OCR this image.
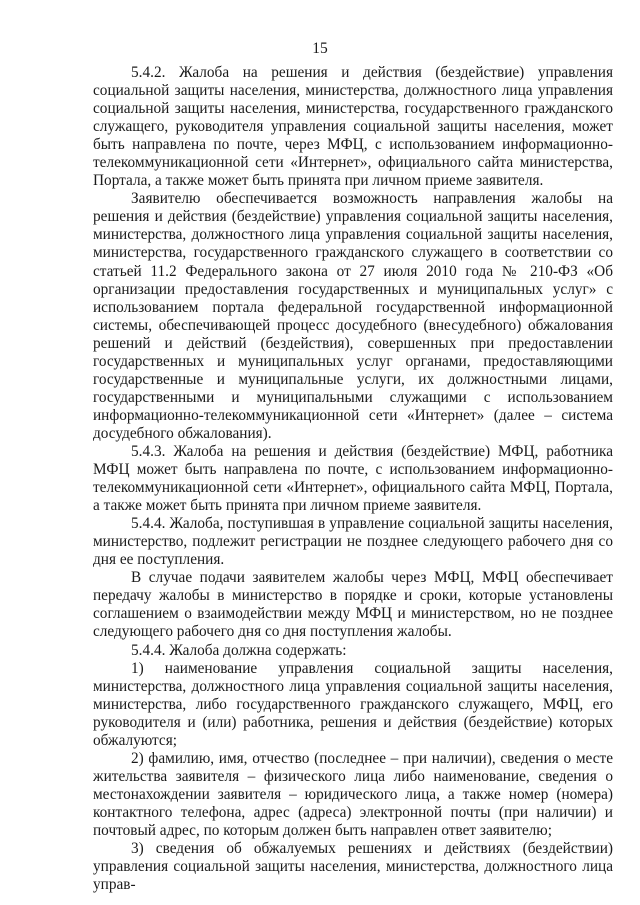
15

5.4.2. Жалоба на решения и действия (бездействие) управления социальной защиты населения, министерства, должностного лица управления социальной защиты населения, министерства, государственного гражданского служащего, руководителя управления социальной защиты населения, может быть направлена по почте, через МФЦ, с использованием информационно-телекоммуникационной сети «Интернет», официального сайта министерства, Портала, а также может быть принята при личном приеме заявителя.

Заявителю обеспечивается возможность направления жалобы на решения и действия (бездействие) управления социальной защиты населения, министерства, должностного лица управления социальной защиты населения, министерства, государственного гражданского служащего в соответствии со статьей 11.2 Федерального закона от 27 июля 2010 года № 210-ФЗ «Об организации предоставления государственных и муниципальных услуг» с использованием портала федеральной государственной информационной системы, обеспечивающей процесс досудебного (внесудебного) обжалования решений и действий (бездействия), совершенных при предоставлении государственных и муниципальных услуг органами, предоставляющими государственные и муниципальные услуги, их должностными лицами, государственными и муниципальными служащими с использованием информационно-телекоммуникационной сети «Интернет» (далее – система досудебного обжалования).

5.4.3. Жалоба на решения и действия (бездействие) МФЦ, работника МФЦ может быть направлена по почте, с использованием информационно-телекоммуникационной сети «Интернет», официального сайта МФЦ, Портала, а также может быть принята при личном приеме заявителя.

5.4.4. Жалоба, поступившая в управление социальной защиты населения, министерство, подлежит регистрации не позднее следующего рабочего дня со дня ее поступления.

В случае подачи заявителем жалобы через МФЦ, МФЦ обеспечивает передачу жалобы в министерство в порядке и сроки, которые установлены соглашением о взаимодействии между МФЦ и министерством, но не позднее следующего рабочего дня со дня поступления жалобы.

5.4.4. Жалоба должна содержать:

1) наименование управления социальной защиты населения, министерства, должностного лица управления социальной защиты населения, министерства, либо государственного гражданского служащего, МФЦ, его руководителя и (или) работника, решения и действия (бездействие) которых обжалуются;

2) фамилию, имя, отчество (последнее – при наличии), сведения о месте жительства заявителя – физического лица либо наименование, сведения о местонахождении заявителя – юридического лица, а также номер (номера) контактного телефона, адрес (адреса) электронной почты (при наличии) и почтовый адрес, по которым должен быть направлен ответ заявителю;

3) сведения об обжалуемых решениях и действиях (бездействии) управления социальной защиты населения, министерства, должностного лица управ-
